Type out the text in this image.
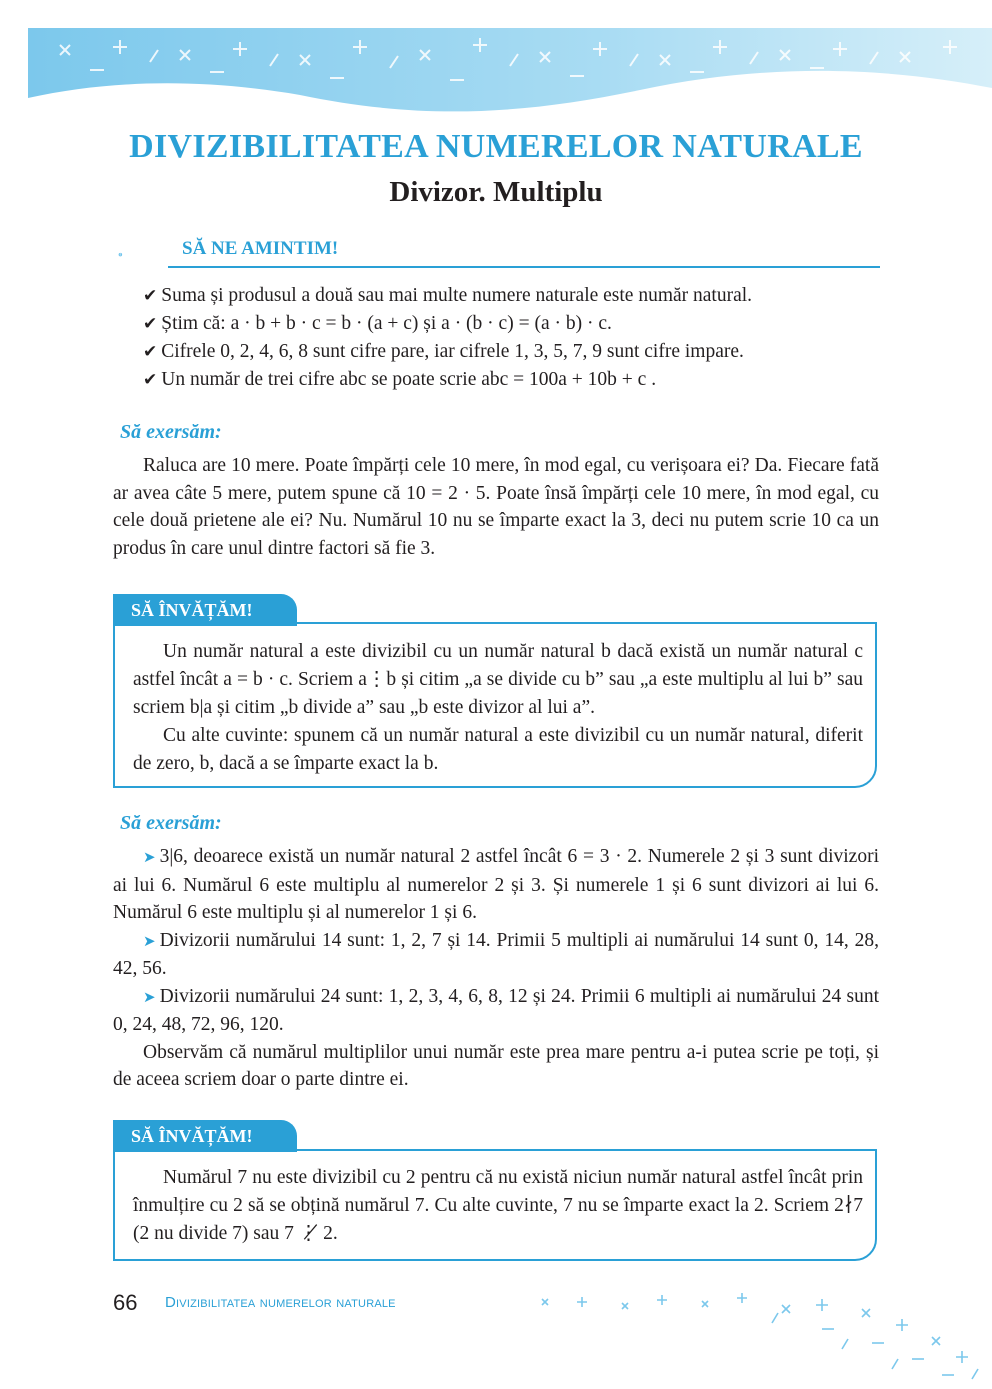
DIVIZIBILITATEA NUMERELOR NATURALE
Divizor. Multiplu
SĂ NE AMINTIM!
✔ Suma și produsul a două sau mai multe numere naturale este număr natural.
✔ Știm că: a · b + b · c = b · (a + c) și a · (b · c) = (a · b) · c.
✔ Cifrele 0, 2, 4, 6, 8 sunt cifre pare, iar cifrele 1, 3, 5, 7, 9 sunt cifre impare.
✔ Un număr de trei cifre abc se poate scrie abc = 100a + 10b + c .
Să exersăm:

Raluca are 10 mere. Poate împărți cele 10 mere, în mod egal, cu verișoara ei? Da. Fiecare fată ar avea câte 5 mere, putem spune că 10 = 2 · 5. Poate însă împărți cele 10 mere, în mod egal, cu cele două prietene ale ei? Nu. Numărul 10 nu se împarte exact la 3, deci nu putem scrie 10 ca un produs în care unul dintre factori să fie 3.

SĂ ÎNVĂȚĂM!

Un număr natural a este divizibil cu un număr natural b dacă există un număr natural c astfel încât a = b · c. Scriem a⋮b și citim „a se divide cu b” sau „a este multiplu al lui b” sau scriem b|a și citim „b divide a” sau „b este divizor al lui a”.

Cu alte cuvinte: spunem că un număr natural a este divizibil cu un număr natural, diferit de zero, b, dacă a se împarte exact la b.

Să exersăm:

➤ 3|6, deoarece există un număr natural 2 astfel încât 6 = 3 · 2. Numerele 2 și 3 sunt divizori ai lui 6. Numărul 6 este multiplu al numerelor 2 și 3. Și numerele 1 și 6 sunt divizori ai lui 6. Numărul 6 este multiplu și al numerelor 1 și 6.

➤ Divizorii numărului 14 sunt: 1, 2, 7 și 14. Primii 5 multipli ai numărului 14 sunt 0, 14, 28, 42, 56.

➤ Divizorii numărului 24 sunt: 1, 2, 3, 4, 6, 8, 12 și 24. Primii 6 multipli ai numărului 24 sunt 0, 24, 48, 72, 96, 120.

Observăm că numărul multiplilor unui număr este prea mare pentru a-i putea scrie pe toți, și de aceea scriem doar o parte dintre ei.

SĂ ÎNVĂȚĂM!

Numărul 7 nu este divizibil cu 2 pentru că nu există niciun număr natural astfel încât prin înmulțire cu 2 să se obțină numărul 7. Cu alte cuvinte, 7 nu se împarte exact la 2. Scriem 2∤7 (2 nu divide 7) sau 7 ⋮̸ 2.

66 Divizibilitatea numerelor naturale
